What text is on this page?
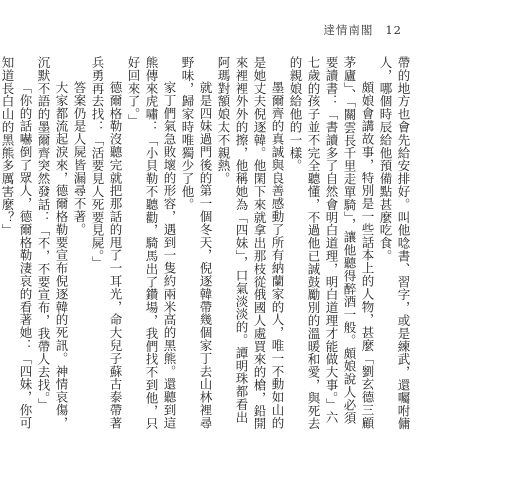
達情南閣 12

帶的地方也會先給安排好。叫他唸書、習字，或是練武，還囑咐傭人，哪個時辰給他預備點甚麼吃食。

頗娘會講故事，特別是一些話本上的人物，甚麼「劉玄德三顧茅廬」、「關雲長千里走單騎」，讓他聽得醉酒一般。頗娘說人必須要讀書：「書讀多了自然會明白道理，明白道理才能做大事。」六七歲的孩子並不完全聽懂，不過他已誠鼓勵別的溫暖和愛，與死去的親娘給他的一樣。

墨爾齊的真誠與良善感動了所有納蘭家的人，唯一不動如山的是她丈夫倪逐韓。他閑下來就拿出那枝從俄國人處買來的槍，鉛開來裡裡外外的擦，他稱她為「四妹」，口氣淡淡的。譚明珠都看出阿瑪對額娘太不親熱。

就是四妹過門後的第一個冬天，倪逐韓帶幾個家丁去山林裡尋野味，歸家時唯獨少了他。

家丁們氣急敗壞的形容，遇到一隻約兩米高的黑熊。還聽到這熊傳來虎嘯：「小貝勒不聽勸，騎馬出了鑽場，我們找不到他，只好回來了。」

德爾格勒沒聽完就把那話的甩了一耳光，命大兒子蘇古泰帶著兵勇再去找：「活要見人死要見屍。」

答案仍是人屍皆漏尋不著。

大家都流起淚來，德爾格勒要宣布倪逐韓的死訊。神情哀傷，沉默不語的墨爾齊突然發話：「不，不要宣布，我帶人去找。」

「你的話嚇倒了眾人，德爾格勒淒哀的看著她：「四妹，你可知道長白山的黑熊多厲害麼？」
